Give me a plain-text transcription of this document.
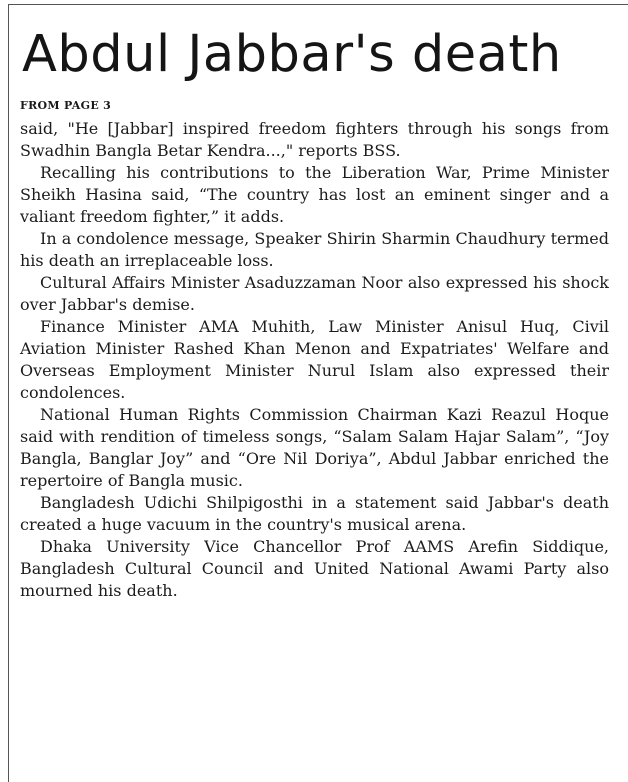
Abdul Jabbar's death

FROM PAGE 3

said, "He [Jabbar] inspired freedom fighters through his songs from Swadhin Bangla Betar Kendra...," reports BSS.

Recalling his contributions to the Liberation War, Prime Minister Sheikh Hasina said, “The country has lost an eminent singer and a valiant freedom fighter,” it adds.

In a condolence message, Speaker Shirin Sharmin Chaudhury termed his death an irreplaceable loss.

Cultural Affairs Minister Asaduzzaman Noor also expressed his shock over Jabbar's demise.

Finance Minister AMA Muhith, Law Minister Anisul Huq, Civil Aviation Minister Rashed Khan Menon and Expatriates' Welfare and Overseas Employment Minister Nurul Islam also expressed their condolences.

National Human Rights Commission Chairman Kazi Reazul Hoque said with rendition of timeless songs, “Salam Salam Hajar Salam”, “Joy Bangla, Banglar Joy” and “Ore Nil Doriya”, Abdul Jabbar enriched the repertoire of Bangla music.

Bangladesh Udichi Shilpigosthi in a statement said Jabbar's death created a huge vacuum in the country's musical arena.

Dhaka University Vice Chancellor Prof AAMS Arefin Siddique, Bangladesh Cultural Council and United National Awami Party also mourned his death.
